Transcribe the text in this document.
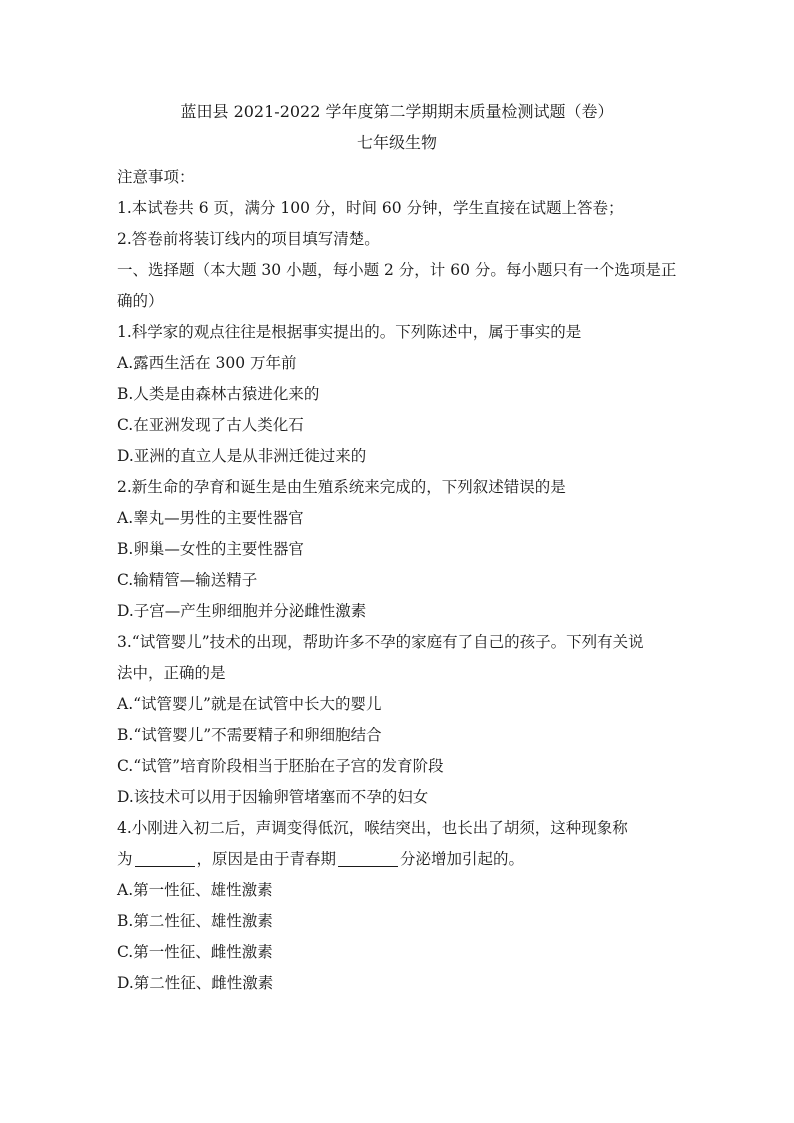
蓝田县 2021-2022 学年度第二学期期末质量检测试题（卷）
七年级生物
注意事项：
1.本试卷共 6 页，满分 100 分，时间 60 分钟，学生直接在试题上答卷；
2.答卷前将装订线内的项目填写清楚。
一、选择题（本大题 30 小题，每小题 2 分，计 60 分。每小题只有一个选项是正
确的）
1.科学家的观点往往是根据事实提出的。下列陈述中，属于事实的是
A.露西生活在 300 万年前
B.人类是由森林古猿进化来的
C.在亚洲发现了古人类化石
D.亚洲的直立人是从非洲迁徙过来的
2.新生命的孕育和诞生是由生殖系统来完成的，下列叙述错误的是
A.睾丸—男性的主要性器官
B.卵巢—女性的主要性器官
C.输精管—输送精子
D.子宫—产生卵细胞并分泌雌性激素
3.“试管婴儿”技术的出现，帮助许多不孕的家庭有了自己的孩子。下列有关说
法中，正确的是
A.“试管婴儿”就是在试管中长大的婴儿
B.“试管婴儿”不需要精子和卵细胞结合
C.“试管”培育阶段相当于胚胎在子宫的发育阶段
D.该技术可以用于因输卵管堵塞而不孕的妇女
4.小刚进入初二后，声调变得低沉，喉结突出，也长出了胡须，这种现象称
为	，原因是由于青春期	分泌增加引起的。
A.第一性征、雄性激素
B.第二性征、雄性激素
C.第一性征、雌性激素
D.第二性征、雌性激素
